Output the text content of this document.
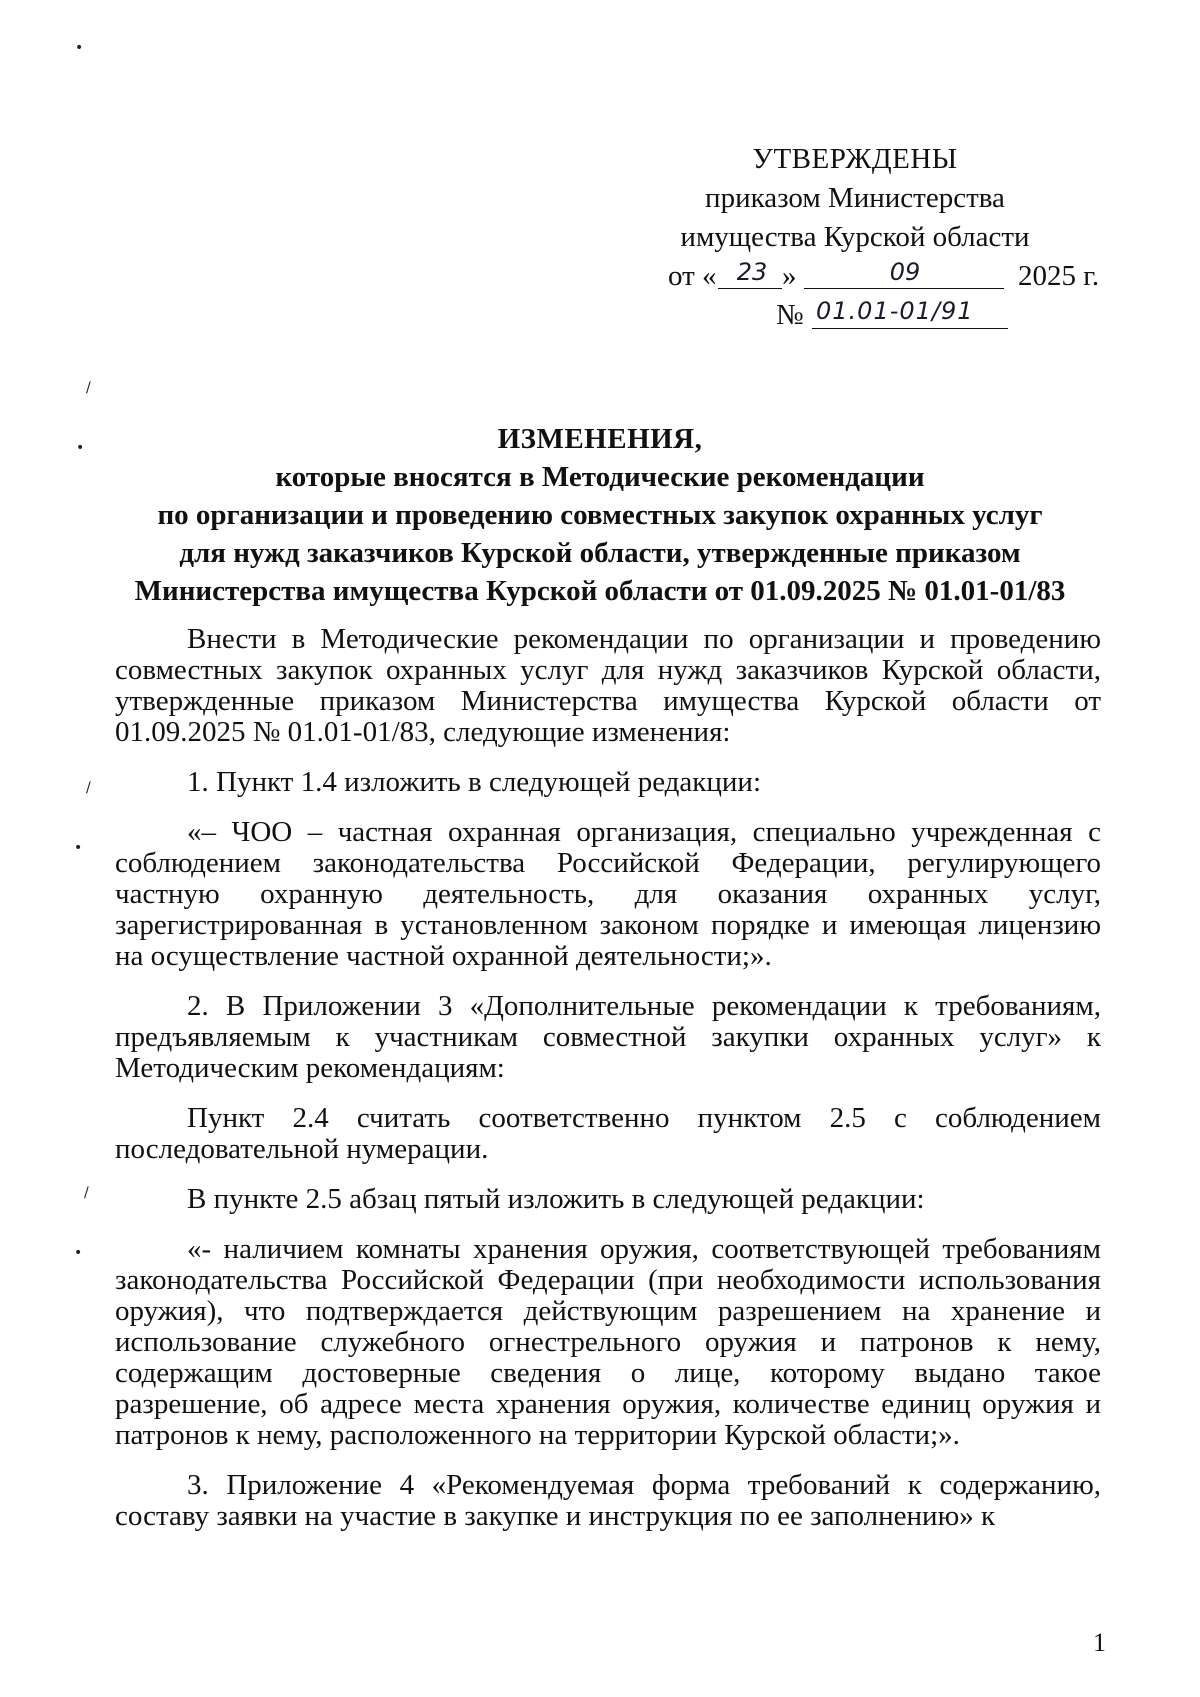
•
/
•
/
•
/
•
УТВЕРЖДЕНЫ
приказом Министерства
имущества Курской области
от « 23 »	09	2025 г.
№ 01.01-01/91
ИЗМЕНЕНИЯ,
которые вносятся в Методические рекомендации
по организации и проведению совместных закупок охранных услуг
для нужд заказчиков Курской области, утвержденные приказом
Министерства имущества Курской области от 01.09.2025 № 01.01-01/83

Внести в Методические рекомендации по организации и проведению совместных закупок охранных услуг для нужд заказчиков Курской области, утвержденные приказом Министерства имущества Курской области от 01.09.2025 № 01.01-01/83, следующие изменения:

1. Пункт 1.4 изложить в следующей редакции:

«– ЧОО – частная охранная организация, специально учрежденная с соблюдением законодательства Российской Федерации, регулирующего частную охранную деятельность, для оказания охранных услуг, зарегистрированная в установленном законом порядке и имеющая лицензию на осуществление частной охранной деятельности;».

2. В Приложении 3 «Дополнительные рекомендации к требованиям, предъявляемым к участникам совместной закупки охранных услуг» к Методическим рекомендациям:

Пункт 2.4 считать соответственно пунктом 2.5 с соблюдением последовательной нумерации.

В пункте 2.5 абзац пятый изложить в следующей редакции:

«- наличием комнаты хранения оружия, соответствующей требованиям законодательства Российской Федерации (при необходимости использования оружия), что подтверждается действующим разрешением на хранение и использование служебного огнестрельного оружия и патронов к нему, содержащим достоверные сведения о лице, которому выдано такое разрешение, об адресе места хранения оружия, количестве единиц оружия и патронов к нему, расположенного на территории Курской области;».

3. Приложение 4 «Рекомендуемая форма требований к содержанию, составу заявки на участие в закупке и инструкция по ее заполнению» к

1
